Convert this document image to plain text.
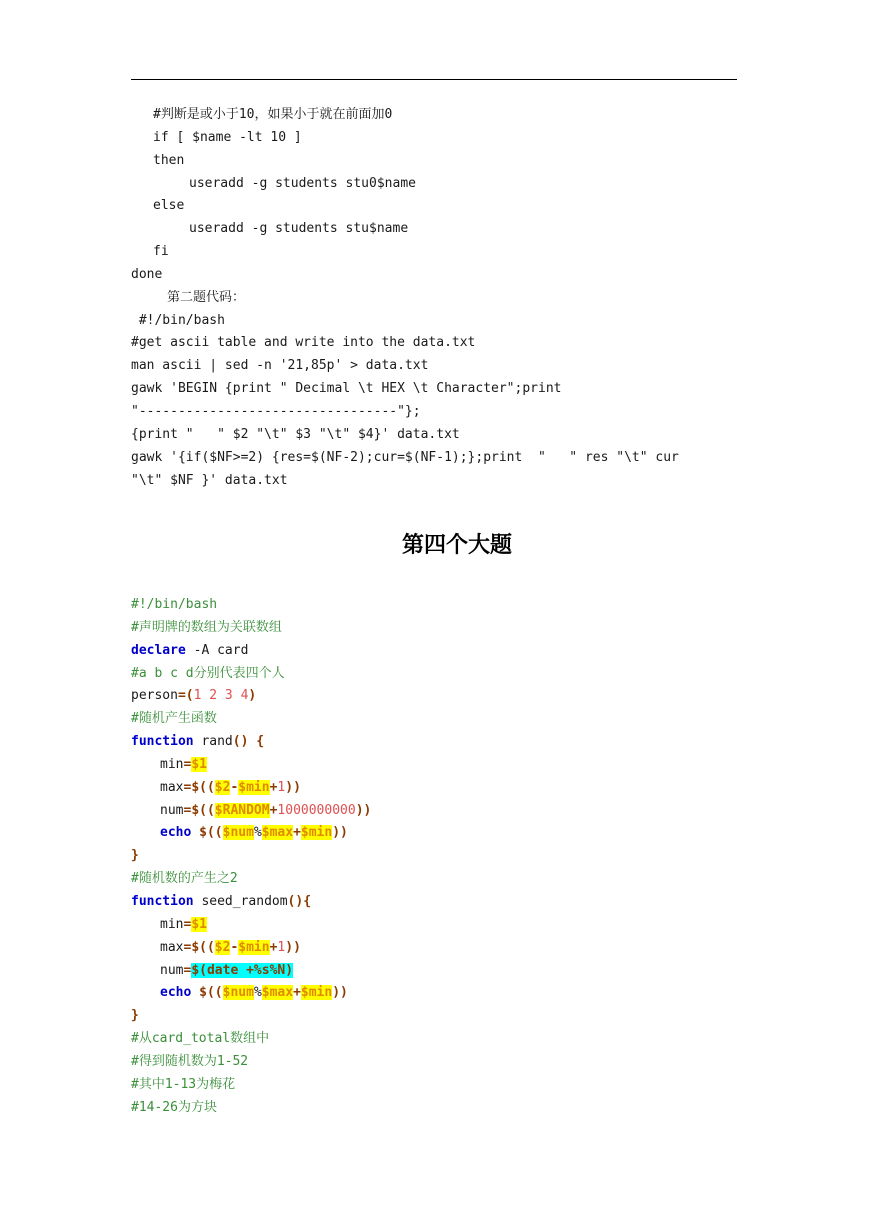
#判断是或小于10，如果小于就在前面加0
if [ $name -lt 10 ]
then
useradd -g students stu0$name
else
useradd -g students stu$name
fi
done
第二题代码：
#!/bin/bash
#get ascii table and write into the data.txt
man ascii | sed -n '21,85p' > data.txt
gawk 'BEGIN {print " Decimal \t HEX \t Character";print
"---------------------------------"};
{print "   " $2 "\t" $3 "\t" $4}' data.txt
gawk '{if($NF>=2) {res=$(NF-2);cur=$(NF-1);};print  "   " res "\t" cur
"\t" $NF }' data.txt
第四个大题
#!/bin/bash
#声明牌的数组为关联数组
declare -A card
#a b c d分别代表四个人
person=(1 2 3 4)
#随机产生函数
function rand() {
min=$1
max=$(($2-$min+1))
num=$(($RANDOM+1000000000))
echo $(($num%$max+$min))
}
#随机数的产生之2
function seed_random(){
min=$1
max=$(($2-$min+1))
num=$(date +%s%N)
echo $(($num%$max+$min))
}
#从card_total数组中
#得到随机数为1-52
#其中1-13为梅花
#14-26为方块
